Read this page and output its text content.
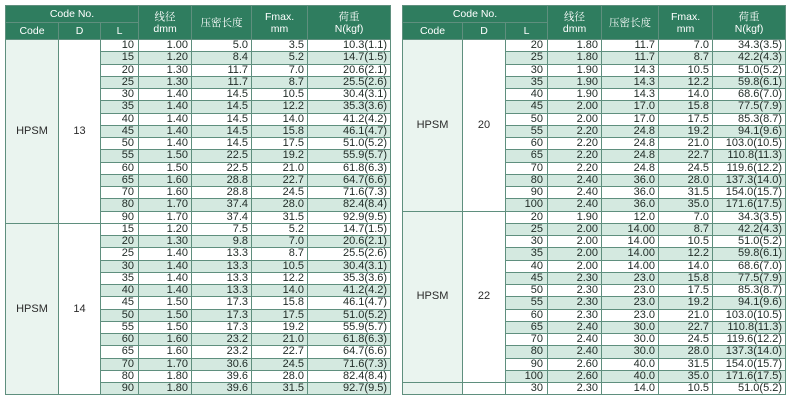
Code No.			线径
dmm	压密长度	Fmax.
mm	荷重
N(kgf)
Code	D	L				
HPSM	13	10	1.00	5.0	3.5	10.3(1.1)
		15	1.20	8.4	5.2	14.7(1.5)
		20	1.30	11.7	7.0	20.6(2.1)
		25	1.30	11.7	8.7	25.5(2.6)
		30	1.40	14.5	10.5	30.4(3.1)
		35	1.40	14.5	12.2	35.3(3.6)
		40	1.40	14.5	14.0	41.2(4.2)
		45	1.40	14.5	15.8	46.1(4.7)
		50	1.40	14.5	17.5	51.0(5.2)
		55	1.50	22.5	19.2	55.9(5.7)
		60	1.50	22.5	21.0	61.8(6.3)
		65	1.60	28.8	22.7	64.7(6.6)
		70	1.60	28.8	24.5	71.6(7.3)
		80	1.70	37.4	28.0	82.4(8.4)
		90	1.70	37.4	31.5	92.9(9.5)
HPSM	14	15	1.20	7.5	5.2	14.7(1.5)
		20	1.30	9.8	7.0	20.6(2.1)
		25	1.40	13.3	8.7	25.5(2.6)
		30	1.40	13.3	10.5	30.4(3.1)
		35	1.40	13.3	12.2	35.3(3.6)
		40	1.40	13.3	14.0	41.2(4.2)
		45	1.50	17.3	15.8	46.1(4.7)
		50	1.50	17.3	17.5	51.0(5.2)
		55	1.50	17.3	19.2	55.9(5.7)
		60	1.60	23.2	21.0	61.8(6.3)
		65	1.60	23.2	22.7	64.7(6.6)
		70	1.70	30.6	24.5	71.6(7.3)
		80	1.80	39.6	28.0	82.4(8.4)
		90	1.80	39.6	31.5	92.7(9.5)
Code No.			线径
dmm	压密长度	Fmax.
mm	荷重
N(kgf)
Code	D	L				
HPSM	20	20	1.80	11.7	7.0	34.3(3.5)
		25	1.80	11.7	8.7	42.2(4.3)
		30	1.90	14.3	10.5	51.0(5.2)
		35	1.90	14.3	12.2	59.8(6.1)
		40	1.90	14.3	14.0	68.6(7.0)
		45	2.00	17.0	15.8	77.5(7.9)
		50	2.00	17.0	17.5	85.3(8.7)
		55	2.20	24.8	19.2	94.1(9.6)
		60	2.20	24.8	21.0	103.0(10.5)
		65	2.20	24.8	22.7	110.8(11.3)
		70	2.20	24.8	24.5	119.6(12.2)
		80	2.40	36.0	28.0	137.3(14.0)
		90	2.40	36.0	31.5	154.0(15.7)
		100	2.40	36.0	35.0	171.6(17.5)
HPSM	22	20	1.90	12.0	7.0	34.3(3.5)
		25	2.00	14.00	8.7	42.2(4.3)
		30	2.00	14.00	10.5	51.0(5.2)
		35	2.00	14.00	12.2	59.8(6.1)
		40	2.00	14.00	14.0	68.6(7.0)
		45	2.30	23.0	15.8	77.5(7.9)
		50	2.30	23.0	17.5	85.3(8.7)
		55	2.30	23.0	19.2	94.1(9.6)
		60	2.30	23.0	21.0	103.0(10.5)
		65	2.40	30.0	22.7	110.8(11.3)
		70	2.40	30.0	24.5	119.6(12.2)
		80	2.40	30.0	28.0	137.3(14.0)
		90	2.60	40.0	31.5	154.0(15.7)
		100	2.60	40.0	35.0	171.6(17.5)
		30	2.30	14.0	10.5	51.0(5.2)
